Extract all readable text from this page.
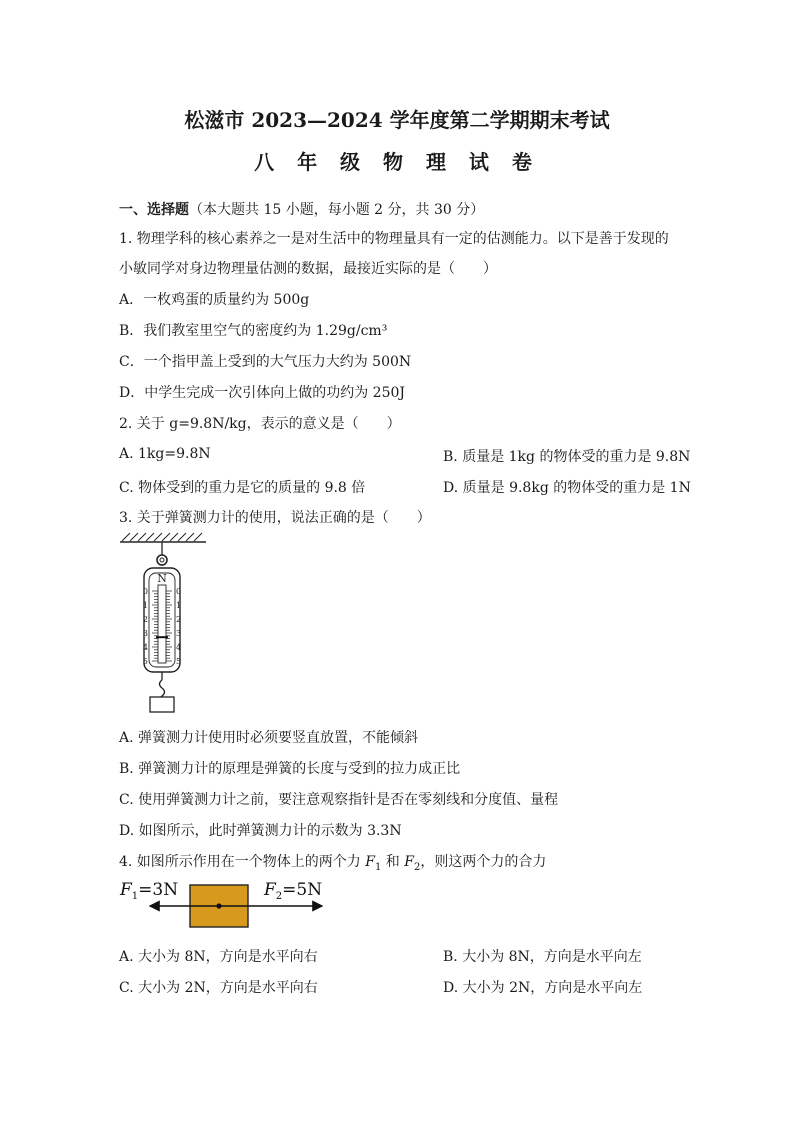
松滋市 2023—2024 学年度第二学期期末考试
八 年 级 物 理 试 卷
一、选择题（本大题共 15 小题，每小题 2 分，共 30 分）
1. 物理学科的核心素养之一是对生活中的物理量具有一定的估测能力。以下是善于发现的
小敏同学对身边物理量估测的数据，最接近实际的是（　　）
A．一枚鸡蛋的质量约为 500g
B．我们教室里空气的密度约为 1.29g/cm³
C．一个指甲盖上受到的大气压力大约为 500N
D．中学生完成一次引体向上做的功约为 250J
2. 关于 g=9.8N/kg，表示的意义是（　　）
A. 1kg=9.8N	B. 质量是 1kg 的物体受的重力是 9.8N
C. 物体受到的重力是它的质量的 9.8 倍	D. 质量是 9.8kg 的物体受的重力是 1N
3. 关于弹簧测力计的使用，说法正确的是（　　）
N
0
1
2
3
4
5
0
1
2
3
4
5
A. 弹簧测力计使用时必须要竖直放置，不能倾斜
B. 弹簧测力计的原理是弹簧的长度与受到的拉力成正比
C. 使用弹簧测力计之前，要注意观察指针是否在零刻线和分度值、量程
D. 如图所示，此时弹簧测力计的示数为 3.3N
4. 如图所示作用在一个物体上的两个力 $F_1$ 和 $F_2$，则这两个力的合力
$F_1=3N$	$F_2=5N$
A. 大小为 8N，方向是水平向右	B. 大小为 8N，方向是水平向左
C. 大小为 2N，方向是水平向右	D. 大小为 2N，方向是水平向左
